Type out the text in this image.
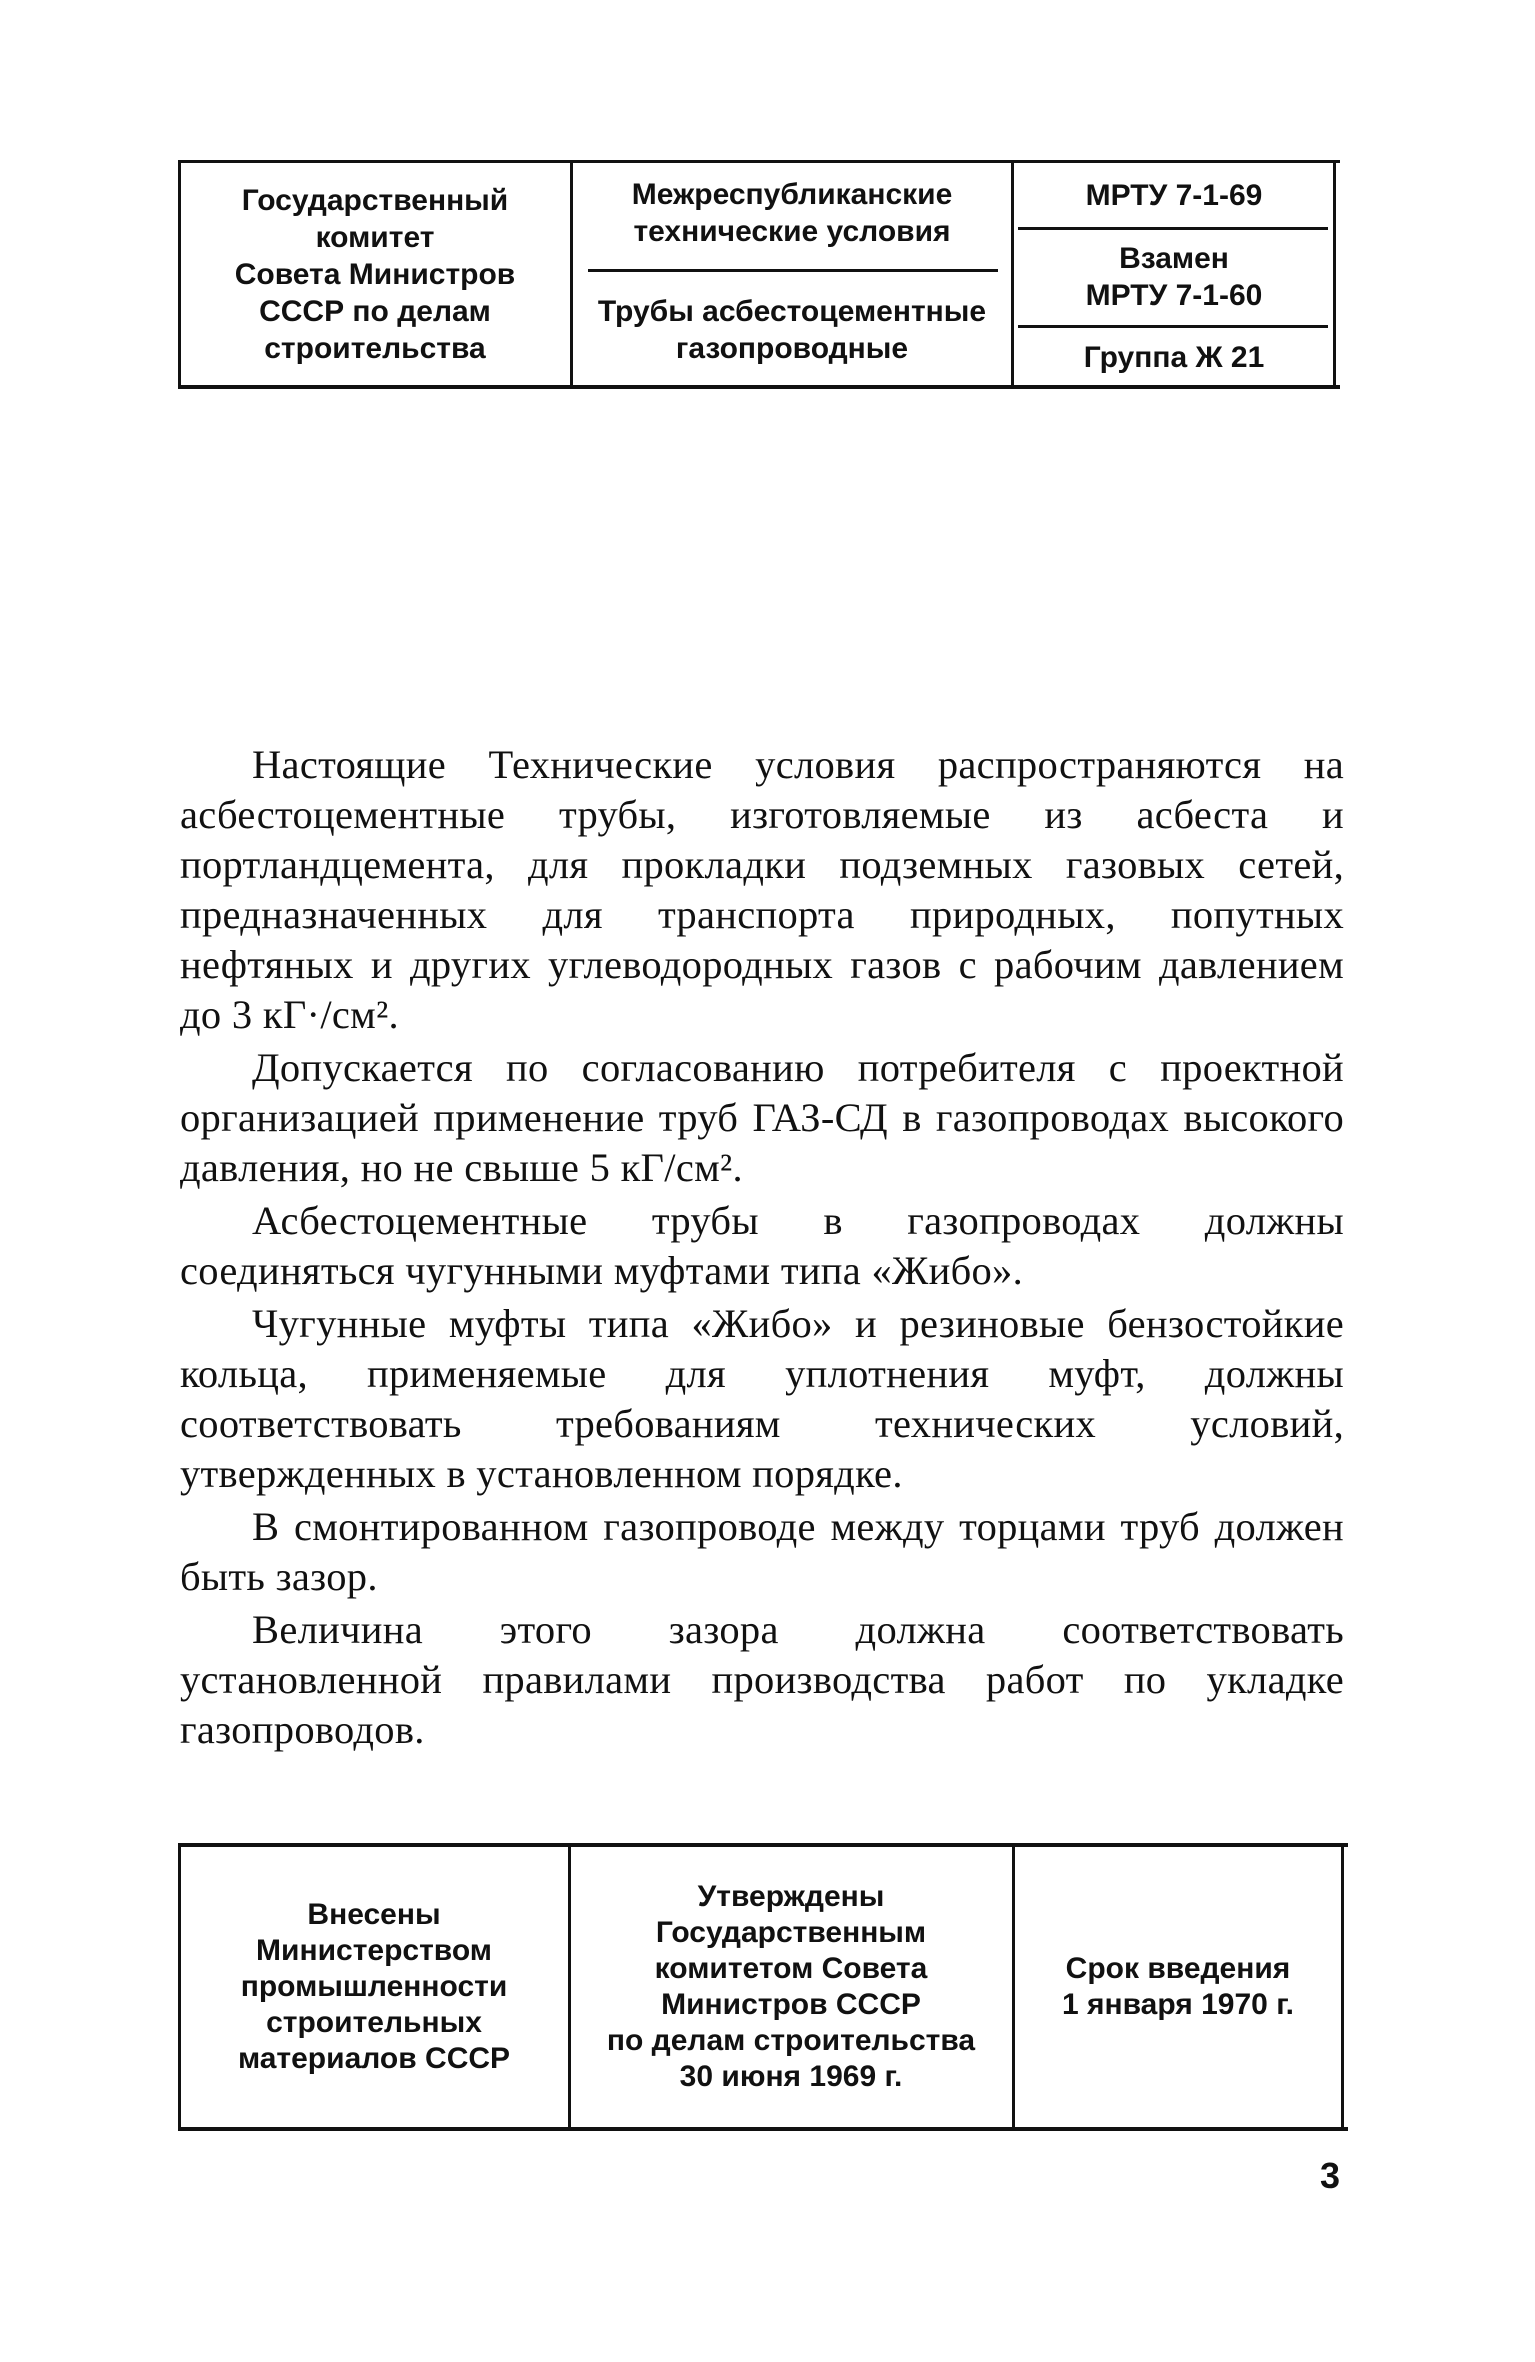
Государственный
комитет
Совета Министров
СССР по делам
строительства
Межреспубликанские
технические условия
Трубы асбестоцементные
газопроводные
МРТУ 7-1-69
Взамен
МРТУ 7-1-60
Группа Ж 21

Настоящие Технические условия распространяются на асбестоцементные трубы, изготовляемые из асбеста и портландцемента, для прокладки подземных газовых сетей, предназначенных для транспорта природных, попутных нефтяных и других углеводородных газов с рабочим давлением до 3 кГ·/см².

Допускается по согласованию потребителя с проектной организацией применение труб ГАЗ-СД в газопроводах высокого давления, но не свыше 5 кГ/см².

Асбестоцементные трубы в газопроводах должны соединяться чугунными муфтами типа «Жибо».

Чугунные муфты типа «Жибо» и резиновые бензостойкие кольца, применяемые для уплотнения муфт, должны соответствовать требованиям технических условий, утвержденных в установленном порядке.

В смонтированном газопроводе между торцами труб должен быть зазор.

Величина этого зазора должна соответствовать установленной правилами производства работ по укладке газопроводов.

Внесены
Министерством
промышленности
строительных
материалов СССР
Утверждены
Государственным
комитетом Совета
Министров СССР
по делам строительства
30 июня 1969 г.
Срок введения
1 января 1970 г.
3
